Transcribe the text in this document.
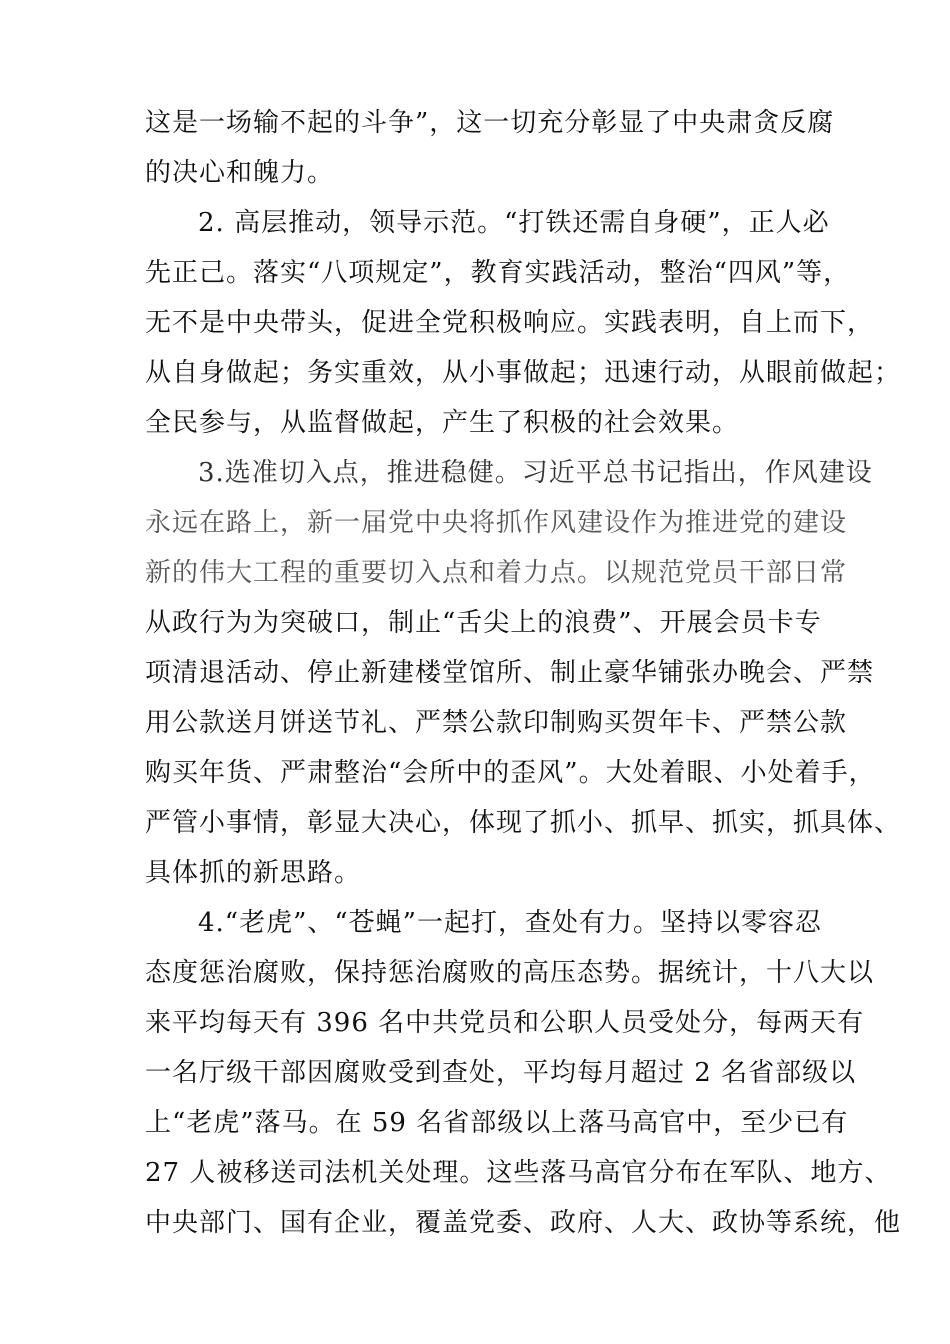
这是一场输不起的斗争”，这一切充分彰显了中央肃贪反腐
的决心和魄力。
2. 高层推动，领导示范。“打铁还需自身硬”，正人必
先正己。落实“八项规定”，教育实践活动，整治“四风”等，
无不是中央带头，促进全党积极响应。实践表明，自上而下，
从自身做起；务实重效，从小事做起；迅速行动，从眼前做起；
全民参与，从监督做起，产生了积极的社会效果。
3.选准切入点，推进稳健。习近平总书记指出，作风建设
永远在路上，新一届党中央将抓作风建设作为推进党的建设
新的伟大工程的重要切入点和着力点。以规范党员干部日常
从政行为为突破口，制止“舌尖上的浪费”、开展会员卡专
项清退活动、停止新建楼堂馆所、制止豪华铺张办晚会、严禁
用公款送月饼送节礼、严禁公款印制购买贺年卡、严禁公款
购买年货、严肃整治“会所中的歪风”。大处着眼、小处着手，
严管小事情，彰显大决心，体现了抓小、抓早、抓实，抓具体、
具体抓的新思路。
4.“老虎”、“苍蝇”一起打，查处有力。坚持以零容忍
态度惩治腐败，保持惩治腐败的高压态势。据统计，十八大以
来平均每天有 396 名中共党员和公职人员受处分，每两天有
一名厅级干部因腐败受到查处，平均每月超过 2 名省部级以
上“老虎”落马。在 59 名省部级以上落马高官中，至少已有
27 人被移送司法机关处理。这些落马高官分布在军队、地方、
中央部门、国有企业，覆盖党委、政府、人大、政协等系统，他
